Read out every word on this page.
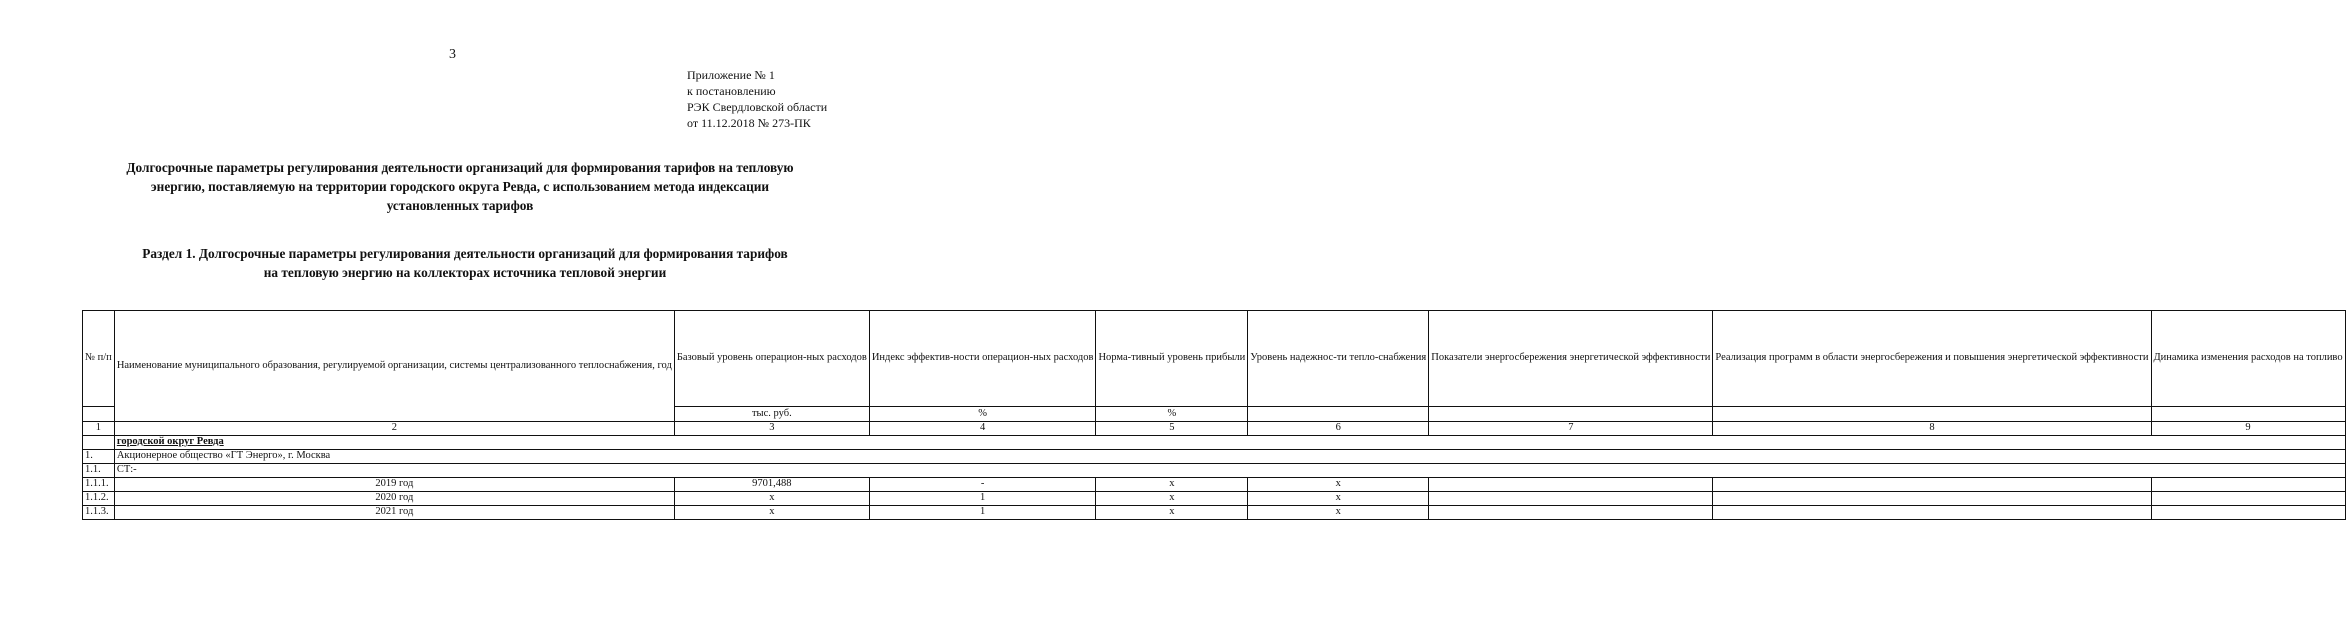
3
Приложение № 1
к постановлению
РЭК Свердловской области
от 11.12.2018 № 273-ПК
Долгосрочные параметры регулирования деятельности организаций для формирования тарифов на тепловую
энергию, поставляемую на территории городского округа Ревда, с использованием метода индексации
установленных тарифов
Раздел 1. Долгосрочные параметры регулирования деятельности организаций для формирования тарифов
на тепловую энергию на коллекторах источника тепловой энергии
№ п/п	Наименование муниципального образования, регулируемой организации, системы централизованного теплоснабжения, год	Базовый уровень операцион-ных расходов	Индекс эффектив-ности операцион-ных расходов	Норма-тивный уровень прибыли	Уровень надежнос-ти тепло-снабжения	Показатели энергосбережения энергетической эффективности	Реализация программ в области энергосбережения и повышения энергетической эффективности	Динамика изменения расходов на топливо
		тыс. руб.	%	%				
1	2	3	4	5	6	7	8	9
	городской округ Ревда							
1.	Акционерное общество «ГТ Энерго», г. Москва							
1.1.	СТ:-							
1.1.1.	2019 год	9701,488	-	х	х			
1.1.2.	2020 год	х	1	х	х			
1.1.3.	2021 год	х	1	х	х			
